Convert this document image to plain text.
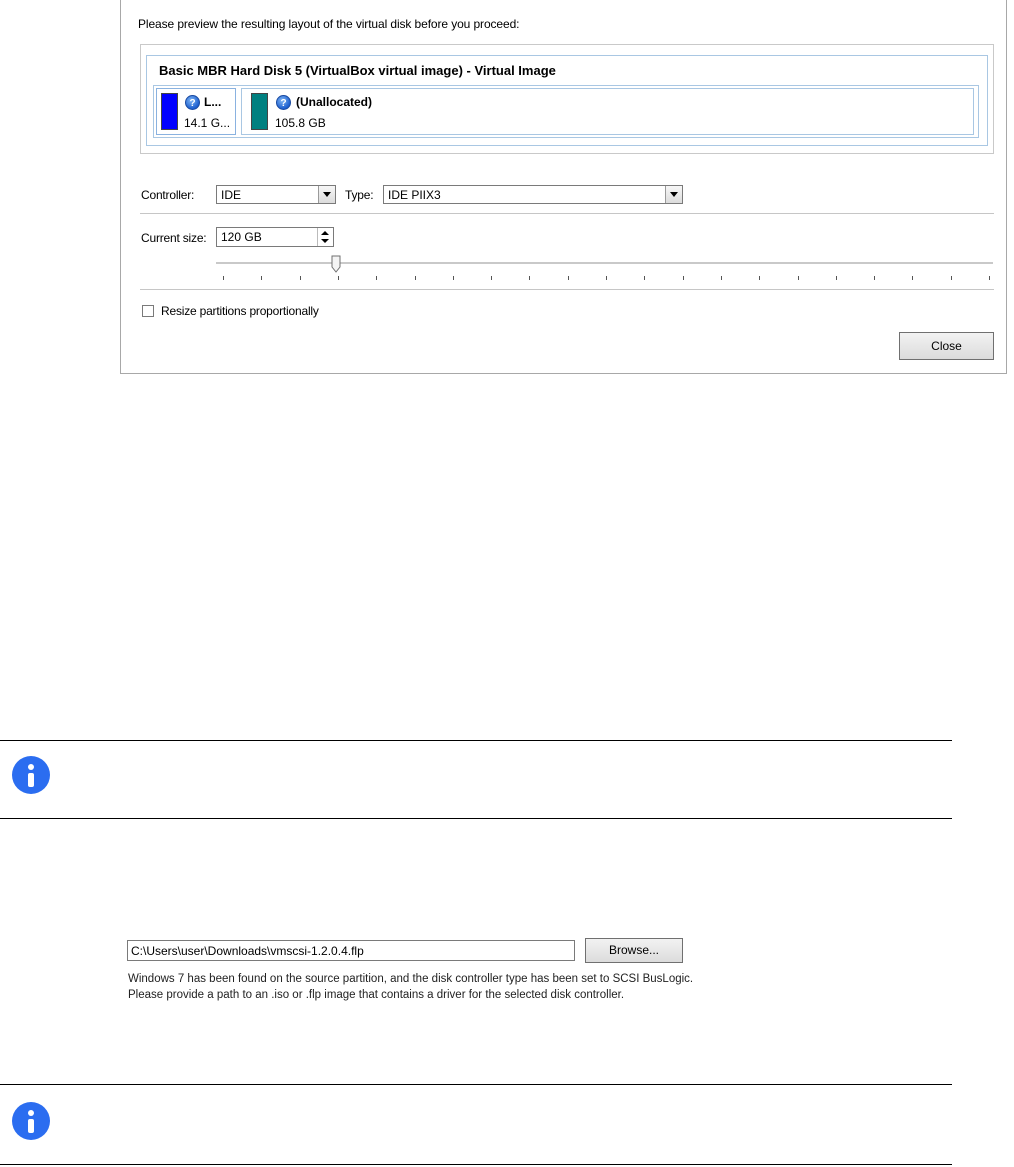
Please preview the resulting layout of the virtual disk before you proceed:
Basic MBR Hard Disk 5 (VirtualBox virtual image) - Virtual Image
? L...
14.1 G...
? (Unallocated)
105.8 GB
Controller: IDE	Type: IDE PIIX3
Current size: 120 GB
Resize partitions proportionally
Close
C:\Users\user\Downloads\vmscsi-1.2.0.4.flp	Browse...
Windows 7 has been found on the source partition, and the disk controller type has been set to SCSI BusLogic. Please provide a path to an .iso or .flp image that contains a driver for the selected disk controller.
